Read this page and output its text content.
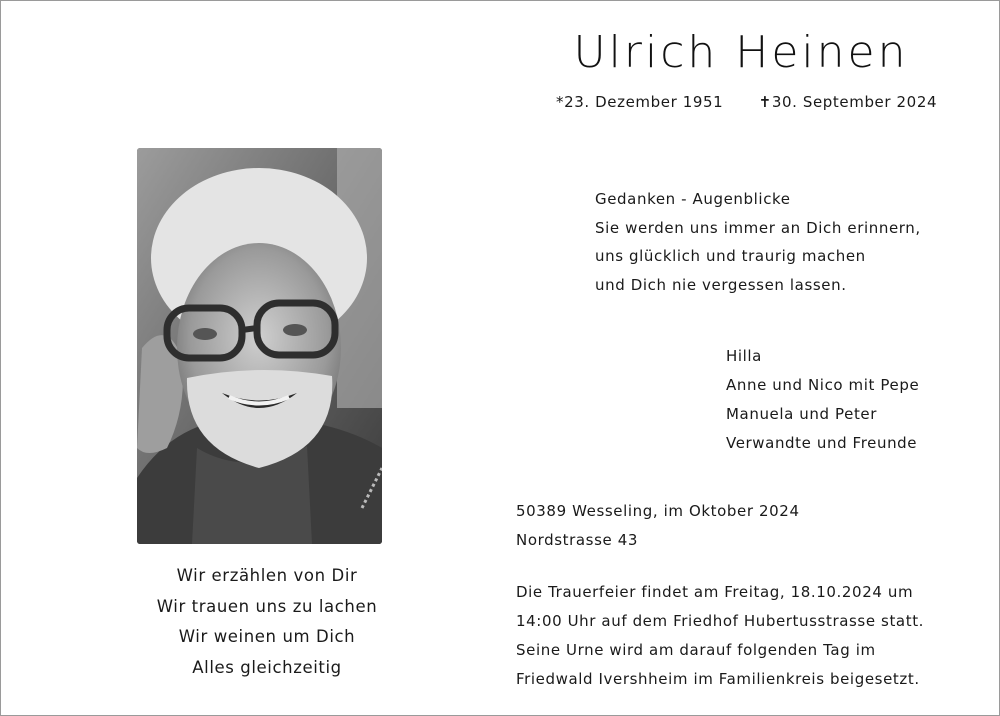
Ulrich Heinen
*23. Dezember 1951 ✝30. September 2024
Wir erzählen von Dir
Wir trauen uns zu lachen
Wir weinen um Dich
Alles gleichzeitig
Gedanken - Augenblicke
Sie werden uns immer an Dich erinnern,
uns glücklich und traurig machen
und Dich nie vergessen lassen.
Hilla
Anne und Nico mit Pepe
Manuela und Peter
Verwandte und Freunde
50389 Wesseling, im Oktober 2024
Nordstrasse 43
Die Trauerfeier findet am Freitag, 18.10.2024 um
14:00 Uhr auf dem Friedhof Hubertusstrasse statt.
Seine Urne wird am darauf folgenden Tag im
Friedwald Ivershheim im Familienkreis beigesetzt.
